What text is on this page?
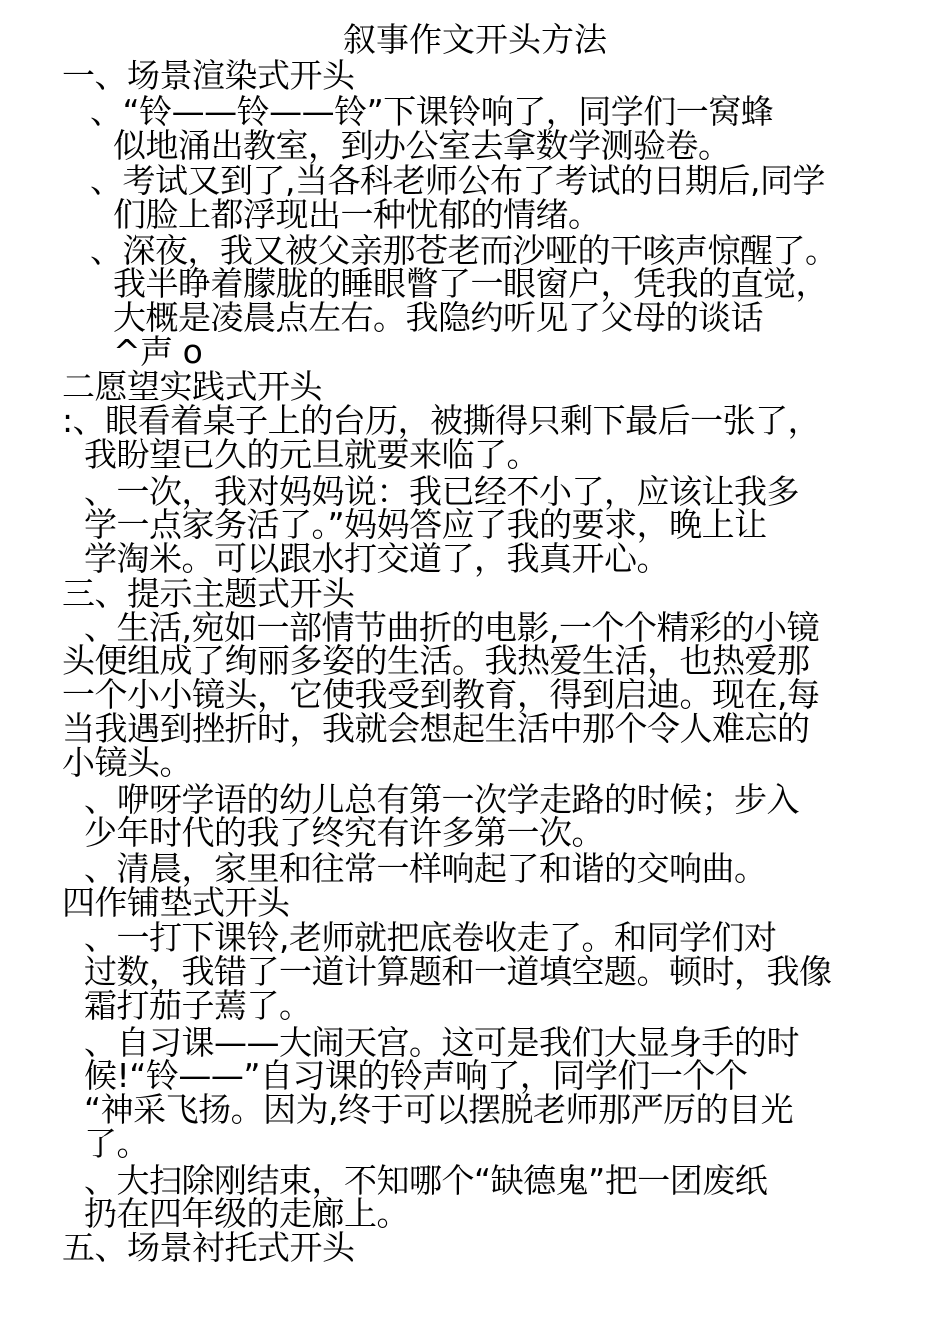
叙事作文开头方法
一、场景渲染式开头
、“铃——铃——铃”下课铃响了，同学们一窝蜂
似地涌出教室，到办公室去拿数学测验卷。
、考试又到了,当各科老师公布了考试的日期后,同学
们脸上都浮现出一种忧郁的情绪。
、深夜，我又被父亲那苍老而沙哑的干咳声惊醒了。
我半睁着朦胧的睡眼瞥了一眼窗户，凭我的直觉，
大概是凌晨点左右。我隐约听见了父母的谈话
^声 o
二愿望实践式开头
:、眼看着桌子上的台历，被撕得只剩下最后一张了，
我盼望已久的元旦就要来临了。
、一次，我对妈妈说：我已经不小了，应该让我多
学一点家务活了。”妈妈答应了我的要求，晚上让
学淘米。可以跟水打交道了，我真开心。
三、提示主题式开头
、生活,宛如一部情节曲折的电影,一个个精彩的小镜
头便组成了绚丽多姿的生活。我热爱生活，也热爱那
一个小小镜头，它使我受到教育，得到启迪。现在,每
当我遇到挫折时，我就会想起生活中那个令人难忘的
小镜头。
、咿呀学语的幼儿总有第一次学走路的时候；步入
少年时代的我了终究有许多第一次。
、清晨，家里和往常一样响起了和谐的交响曲。
四作铺垫式开头
、一打下课铃,老师就把底卷收走了。和同学们对
过数，我错了一道计算题和一道填空题。顿时，我像
霜打茄子蔫了。
、自习课——大闹天宫。这可是我们大显身手的时
候!“铃——”自习课的铃声响了，同学们一个个
“神采飞扬。因为,终于可以摆脱老师那严厉的目光
了。
、大扫除刚结束，不知哪个“缺德鬼”把一团废纸
扔在四年级的走廊上。
五、场景衬托式开头
